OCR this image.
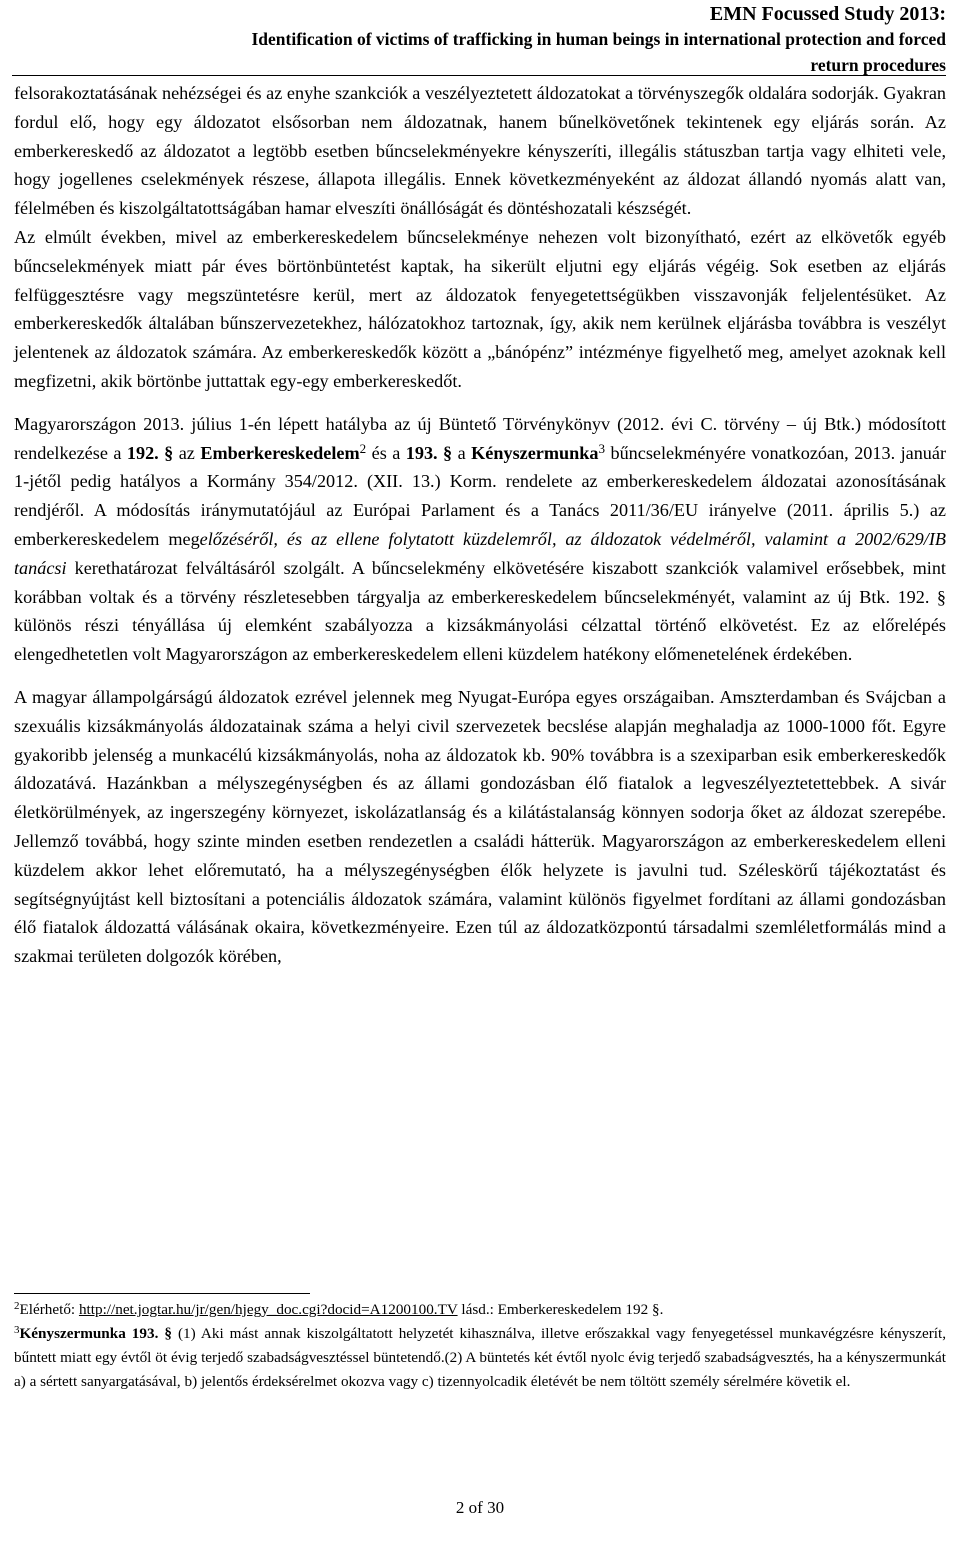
EMN Focussed Study 2013:
Identification of victims of trafficking in human beings in international protection and forced
return procedures

felsorakoztatásának nehézségei és az enyhe szankciók a veszélyeztetett áldozatokat a törvényszegők oldalára sodorják. Gyakran fordul elő, hogy egy áldozatot elsősorban nem áldozatnak, hanem bűnelkövetőnek tekintenek egy eljárás során. Az emberkereskedő az áldozatot a legtöbb esetben bűncselekményekre kényszeríti, illegális státuszban tartja vagy elhiteti vele, hogy jogellenes cselekmények részese, állapota illegális. Ennek következményeként az áldozat állandó nyomás alatt van, félelmében és kiszolgáltatottságában hamar elveszíti önállóságát és döntéshozatali készségét.

Az elmúlt években, mivel az emberkereskedelem bűncselekménye nehezen volt bizonyítható, ezért az elkövetők egyéb bűncselekmények miatt pár éves börtönbüntetést kaptak, ha sikerült eljutni egy eljárás végéig. Sok esetben az eljárás felfüggesztésre vagy megszüntetésre kerül, mert az áldozatok fenyegetettségükben visszavonják feljelentésüket. Az emberkereskedők általában bűnszervezetekhez, hálózatokhoz tartoznak, így, akik nem kerülnek eljárásba továbbra is veszélyt jelentenek az áldozatok számára. Az emberkereskedők között a „bánópénz” intézménye figyelhető meg, amelyet azoknak kell megfizetni, akik börtönbe juttattak egy-egy emberkereskedőt.

Magyarországon 2013. július 1-én lépett hatályba az új Büntető Törvénykönyv (2012. évi C. törvény – új Btk.) módosított rendelkezése a 192. § az Emberkereskedelem$^2$ és a 193. § a Kényszermunka$^3$ bűncselekményére vonatkozóan, 2013. január 1-jétől pedig hatályos a Kormány 354/2012. (XII. 13.) Korm. rendelete az emberkereskedelem áldozatai azonosításának rendjéről. A módosítás iránymutatójául az Európai Parlament és a Tanács 2011/36/EU irányelve (2011. április 5.) az emberkereskedelem megelőzéséről, és az ellene folytatott küzdelemről, az áldozatok védelméről, valamint a 2002/629/IB tanácsi kerethatározat felváltásáról szolgált. A bűncselekmény elkövetésére kiszabott szankciók valamivel erősebbek, mint korábban voltak és a törvény részletesebben tárgyalja az emberkereskedelem bűncselekményét, valamint az új Btk. 192. § különös részi tényállása új elemként szabályozza a kizsákmányolási célzattal történő elkövetést. Ez az előrelépés elengedhetetlen volt Magyarországon az emberkereskedelem elleni küzdelem hatékony előmenetelének érdekében.

A magyar állampolgárságú áldozatok ezrével jelennek meg Nyugat-Európa egyes országaiban. Amszterdamban és Svájcban a szexuális kizsákmányolás áldozatainak száma a helyi civil szervezetek becslése alapján meghaladja az 1000-1000 főt. Egyre gyakoribb jelenség a munkacélú kizsákmányolás, noha az áldozatok kb. 90% továbbra is a szexiparban esik emberkereskedők áldozatává. Hazánkban a mélyszegénységben és az állami gondozásban élő fiatalok a legveszélyeztetettebbek. A sivár életkörülmények, az ingerszegény környezet, iskolázatlanság és a kilátástalanság könnyen sodorja őket az áldozat szerepébe. Jellemző továbbá, hogy szinte minden esetben rendezetlen a családi hátterük. Magyarországon az emberkereskedelem elleni küzdelem akkor lehet előremutató, ha a mélyszegénységben élők helyzete is javulni tud. Széleskörű tájékoztatást és segítségnyújtást kell biztosítani a potenciális áldozatok számára, valamint különös figyelmet fordítani az állami gondozásban élő fiatalok áldozattá válásának okaira, következményeire. Ezen túl az áldozatközpontú társadalmi szemléletformálás mind a szakmai területen dolgozók körében,

$^2$Elérhető: http://net.jogtar.hu/jr/gen/hjegy_doc.cgi?docid=A1200100.TV lásd.: Emberkereskedelem 192 §.

$^3$Kényszermunka 193. § (1) Aki mást annak kiszolgáltatott helyzetét kihasználva, illetve erőszakkal vagy fenyegetéssel munkavégzésre kényszerít, bűntett miatt egy évtől öt évig terjedő szabadságvesztéssel büntetendő.(2) A büntetés két évtől nyolc évig terjedő szabadságvesztés, ha a kényszermunkát a) a sértett sanyargatásával, b) jelentős érdeksérelmet okozva vagy c) tizennyolcadik életévét be nem töltött személy sérelmére követik el.

2 of 30
